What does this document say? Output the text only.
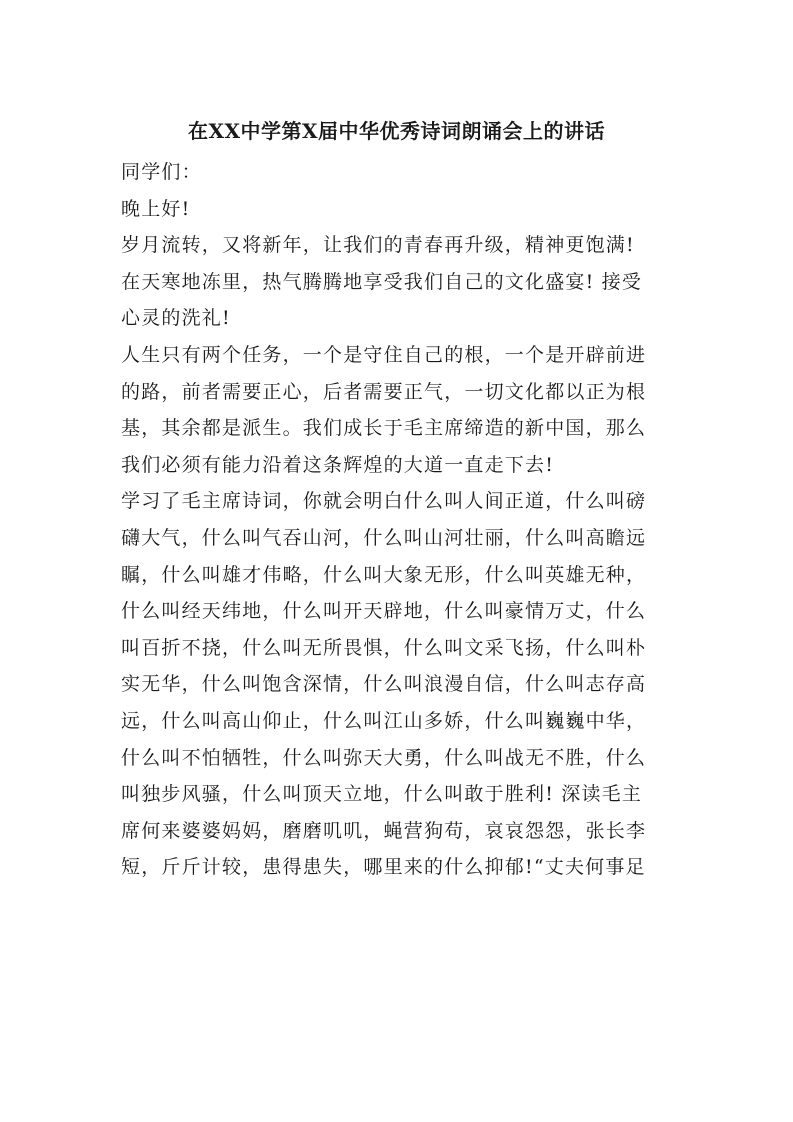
在XX中学第X届中华优秀诗词朗诵会上的讲话
同学们：
晚上好!
岁月流转，又将新年，让我们的青春再升级，精神更饱满!
在天寒地冻里，热气腾腾地享受我们自己的文化盛宴! 接受
心灵的洗礼!
人生只有两个任务，一个是守住自己的根，一个是开辟前进
的路，前者需要正心，后者需要正气，一切文化都以正为根
基，其余都是派生。我们成长于毛主席缔造的新中国，那么
我们必须有能力沿着这条辉煌的大道一直走下去!
学习了毛主席诗词，你就会明白什么叫人间正道，什么叫磅
礴大气，什么叫气吞山河，什么叫山河壮丽，什么叫高瞻远
瞩，什么叫雄才伟略，什么叫大象无形，什么叫英雄无种，
什么叫经天纬地，什么叫开天辟地，什么叫豪情万丈，什么
叫百折不挠，什么叫无所畏惧，什么叫文采飞扬，什么叫朴
实无华，什么叫饱含深情，什么叫浪漫自信，什么叫志存高
远，什么叫高山仰止，什么叫江山多娇，什么叫巍巍中华，
什么叫不怕牺牲，什么叫弥天大勇，什么叫战无不胜，什么
叫独步风骚，什么叫顶天立地，什么叫敢于胜利! 深读毛主
席何来婆婆妈妈，磨磨叽叽，蝇营狗苟，哀哀怨怨，张长李
短，斤斤计较，患得患失，哪里来的什么抑郁!“丈夫何事足
